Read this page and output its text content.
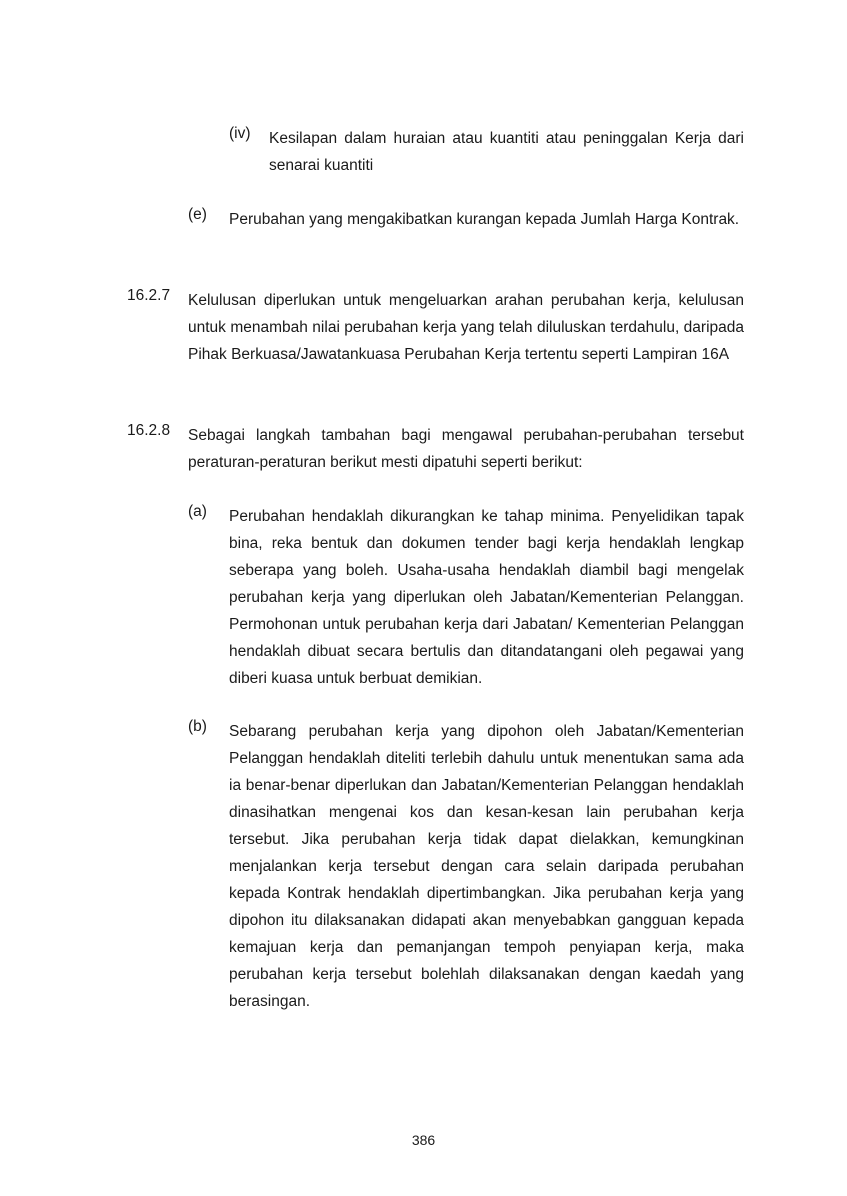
(iv) Kesilapan dalam huraian atau kuantiti atau peninggalan Kerja dari senarai kuantiti

(e) Perubahan yang mengakibatkan kurangan kepada Jumlah Harga Kontrak.

16.2.7 Kelulusan diperlukan untuk mengeluarkan arahan perubahan kerja, kelulusan untuk menambah nilai perubahan kerja yang telah diluluskan terdahulu, daripada Pihak Berkuasa/Jawatankuasa Perubahan Kerja tertentu seperti Lampiran 16A

16.2.8 Sebagai langkah tambahan bagi mengawal perubahan-perubahan tersebut peraturan-peraturan berikut mesti dipatuhi seperti berikut:

(a) Perubahan hendaklah dikurangkan ke tahap minima. Penyelidikan tapak bina, reka bentuk dan dokumen tender bagi kerja hendaklah lengkap seberapa yang boleh. Usaha-usaha hendaklah diambil bagi mengelak perubahan kerja yang diperlukan oleh Jabatan/Kementerian Pelanggan. Permohonan untuk perubahan kerja dari Jabatan/ Kementerian Pelanggan hendaklah dibuat secara bertulis dan ditandatangani oleh pegawai yang diberi kuasa untuk berbuat demikian.

(b) Sebarang perubahan kerja yang dipohon oleh Jabatan/Kementerian Pelanggan hendaklah diteliti terlebih dahulu untuk menentukan sama ada ia benar-benar diperlukan dan Jabatan/Kementerian Pelanggan hendaklah dinasihatkan mengenai kos dan kesan-kesan lain perubahan kerja tersebut. Jika perubahan kerja tidak dapat dielakkan, kemungkinan menjalankan kerja tersebut dengan cara selain daripada perubahan kepada Kontrak hendaklah dipertimbangkan. Jika perubahan kerja yang dipohon itu dilaksanakan didapati akan menyebabkan gangguan kepada kemajuan kerja dan pemanjangan tempoh penyiapan kerja, maka perubahan kerja tersebut bolehlah dilaksanakan dengan kaedah yang berasingan.

386
